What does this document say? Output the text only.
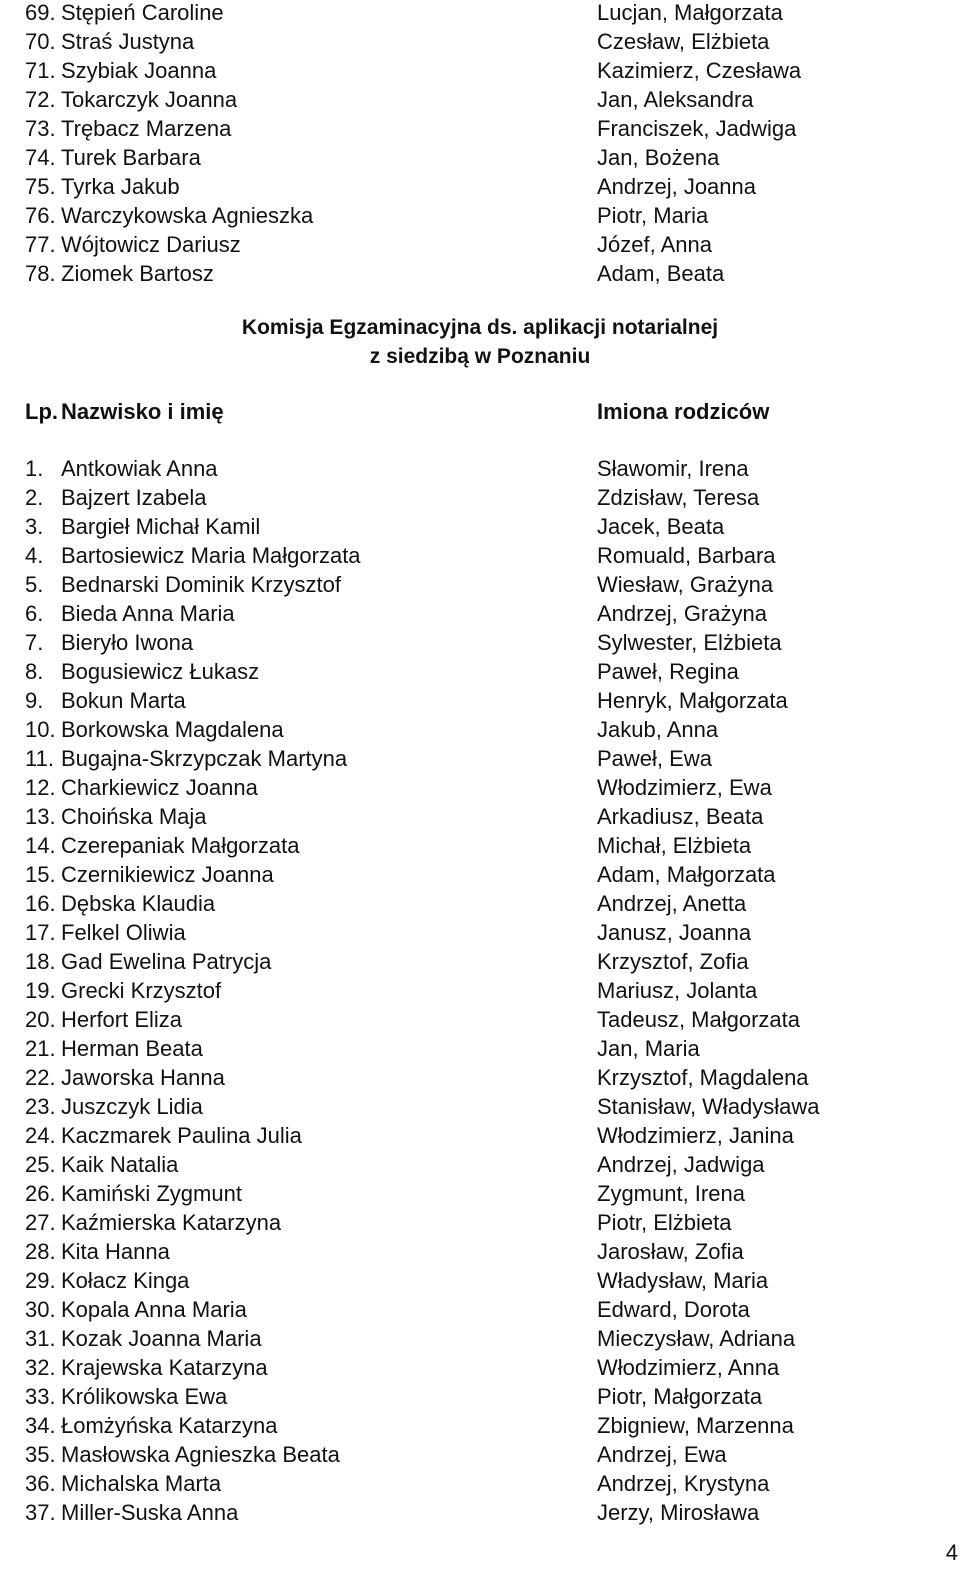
69. Stępień Caroline	Lucjan, Małgorzata
70. Straś Justyna	Czesław, Elżbieta
71. Szybiak Joanna	Kazimierz, Czesława
72. Tokarczyk Joanna	Jan, Aleksandra
73. Trębacz Marzena	Franciszek, Jadwiga
74. Turek Barbara	Jan, Bożena
75. Tyrka Jakub	Andrzej, Joanna
76. Warczykowska Agnieszka	Piotr, Maria
77. Wójtowicz Dariusz	Józef, Anna
78. Ziomek Bartosz	Adam, Beata
Komisja Egzaminacyjna ds. aplikacji notarialnej
z siedzibą w Poznaniu
Lp. Nazwisko i imię	Imiona rodziców
1. Antkowiak Anna	Sławomir, Irena
2. Bajzert Izabela	Zdzisław, Teresa
3. Bargieł Michał Kamil	Jacek, Beata
4. Bartosiewicz Maria Małgorzata	Romuald, Barbara
5. Bednarski Dominik Krzysztof	Wiesław, Grażyna
6. Bieda Anna Maria	Andrzej, Grażyna
7. Bieryło Iwona	Sylwester, Elżbieta
8. Bogusiewicz Łukasz	Paweł, Regina
9. Bokun Marta	Henryk, Małgorzata
10. Borkowska Magdalena	Jakub, Anna
11. Bugajna-Skrzypczak Martyna	Paweł, Ewa
12. Charkiewicz Joanna	Włodzimierz, Ewa
13. Choińska Maja	Arkadiusz, Beata
14. Czerepaniak Małgorzata	Michał, Elżbieta
15. Czernikiewicz Joanna	Adam, Małgorzata
16. Dębska Klaudia	Andrzej, Anetta
17. Felkel Oliwia	Janusz, Joanna
18. Gad Ewelina Patrycja	Krzysztof, Zofia
19. Grecki Krzysztof	Mariusz, Jolanta
20. Herfort Eliza	Tadeusz, Małgorzata
21. Herman Beata	Jan, Maria
22. Jaworska Hanna	Krzysztof, Magdalena
23. Juszczyk Lidia	Stanisław, Władysława
24. Kaczmarek Paulina Julia	Włodzimierz, Janina
25. Kaik Natalia	Andrzej, Jadwiga
26. Kamiński Zygmunt	Zygmunt, Irena
27. Kaźmierska Katarzyna	Piotr, Elżbieta
28. Kita Hanna	Jarosław, Zofia
29. Kołacz Kinga	Władysław, Maria
30. Kopala Anna Maria	Edward, Dorota
31. Kozak Joanna Maria	Mieczysław, Adriana
32. Krajewska Katarzyna	Włodzimierz, Anna
33. Królikowska Ewa	Piotr, Małgorzata
34. Łomżyńska Katarzyna	Zbigniew, Marzenna
35. Masłowska Agnieszka Beata	Andrzej, Ewa
36. Michalska Marta	Andrzej, Krystyna
37. Miller-Suska Anna	Jerzy, Mirosława
4
